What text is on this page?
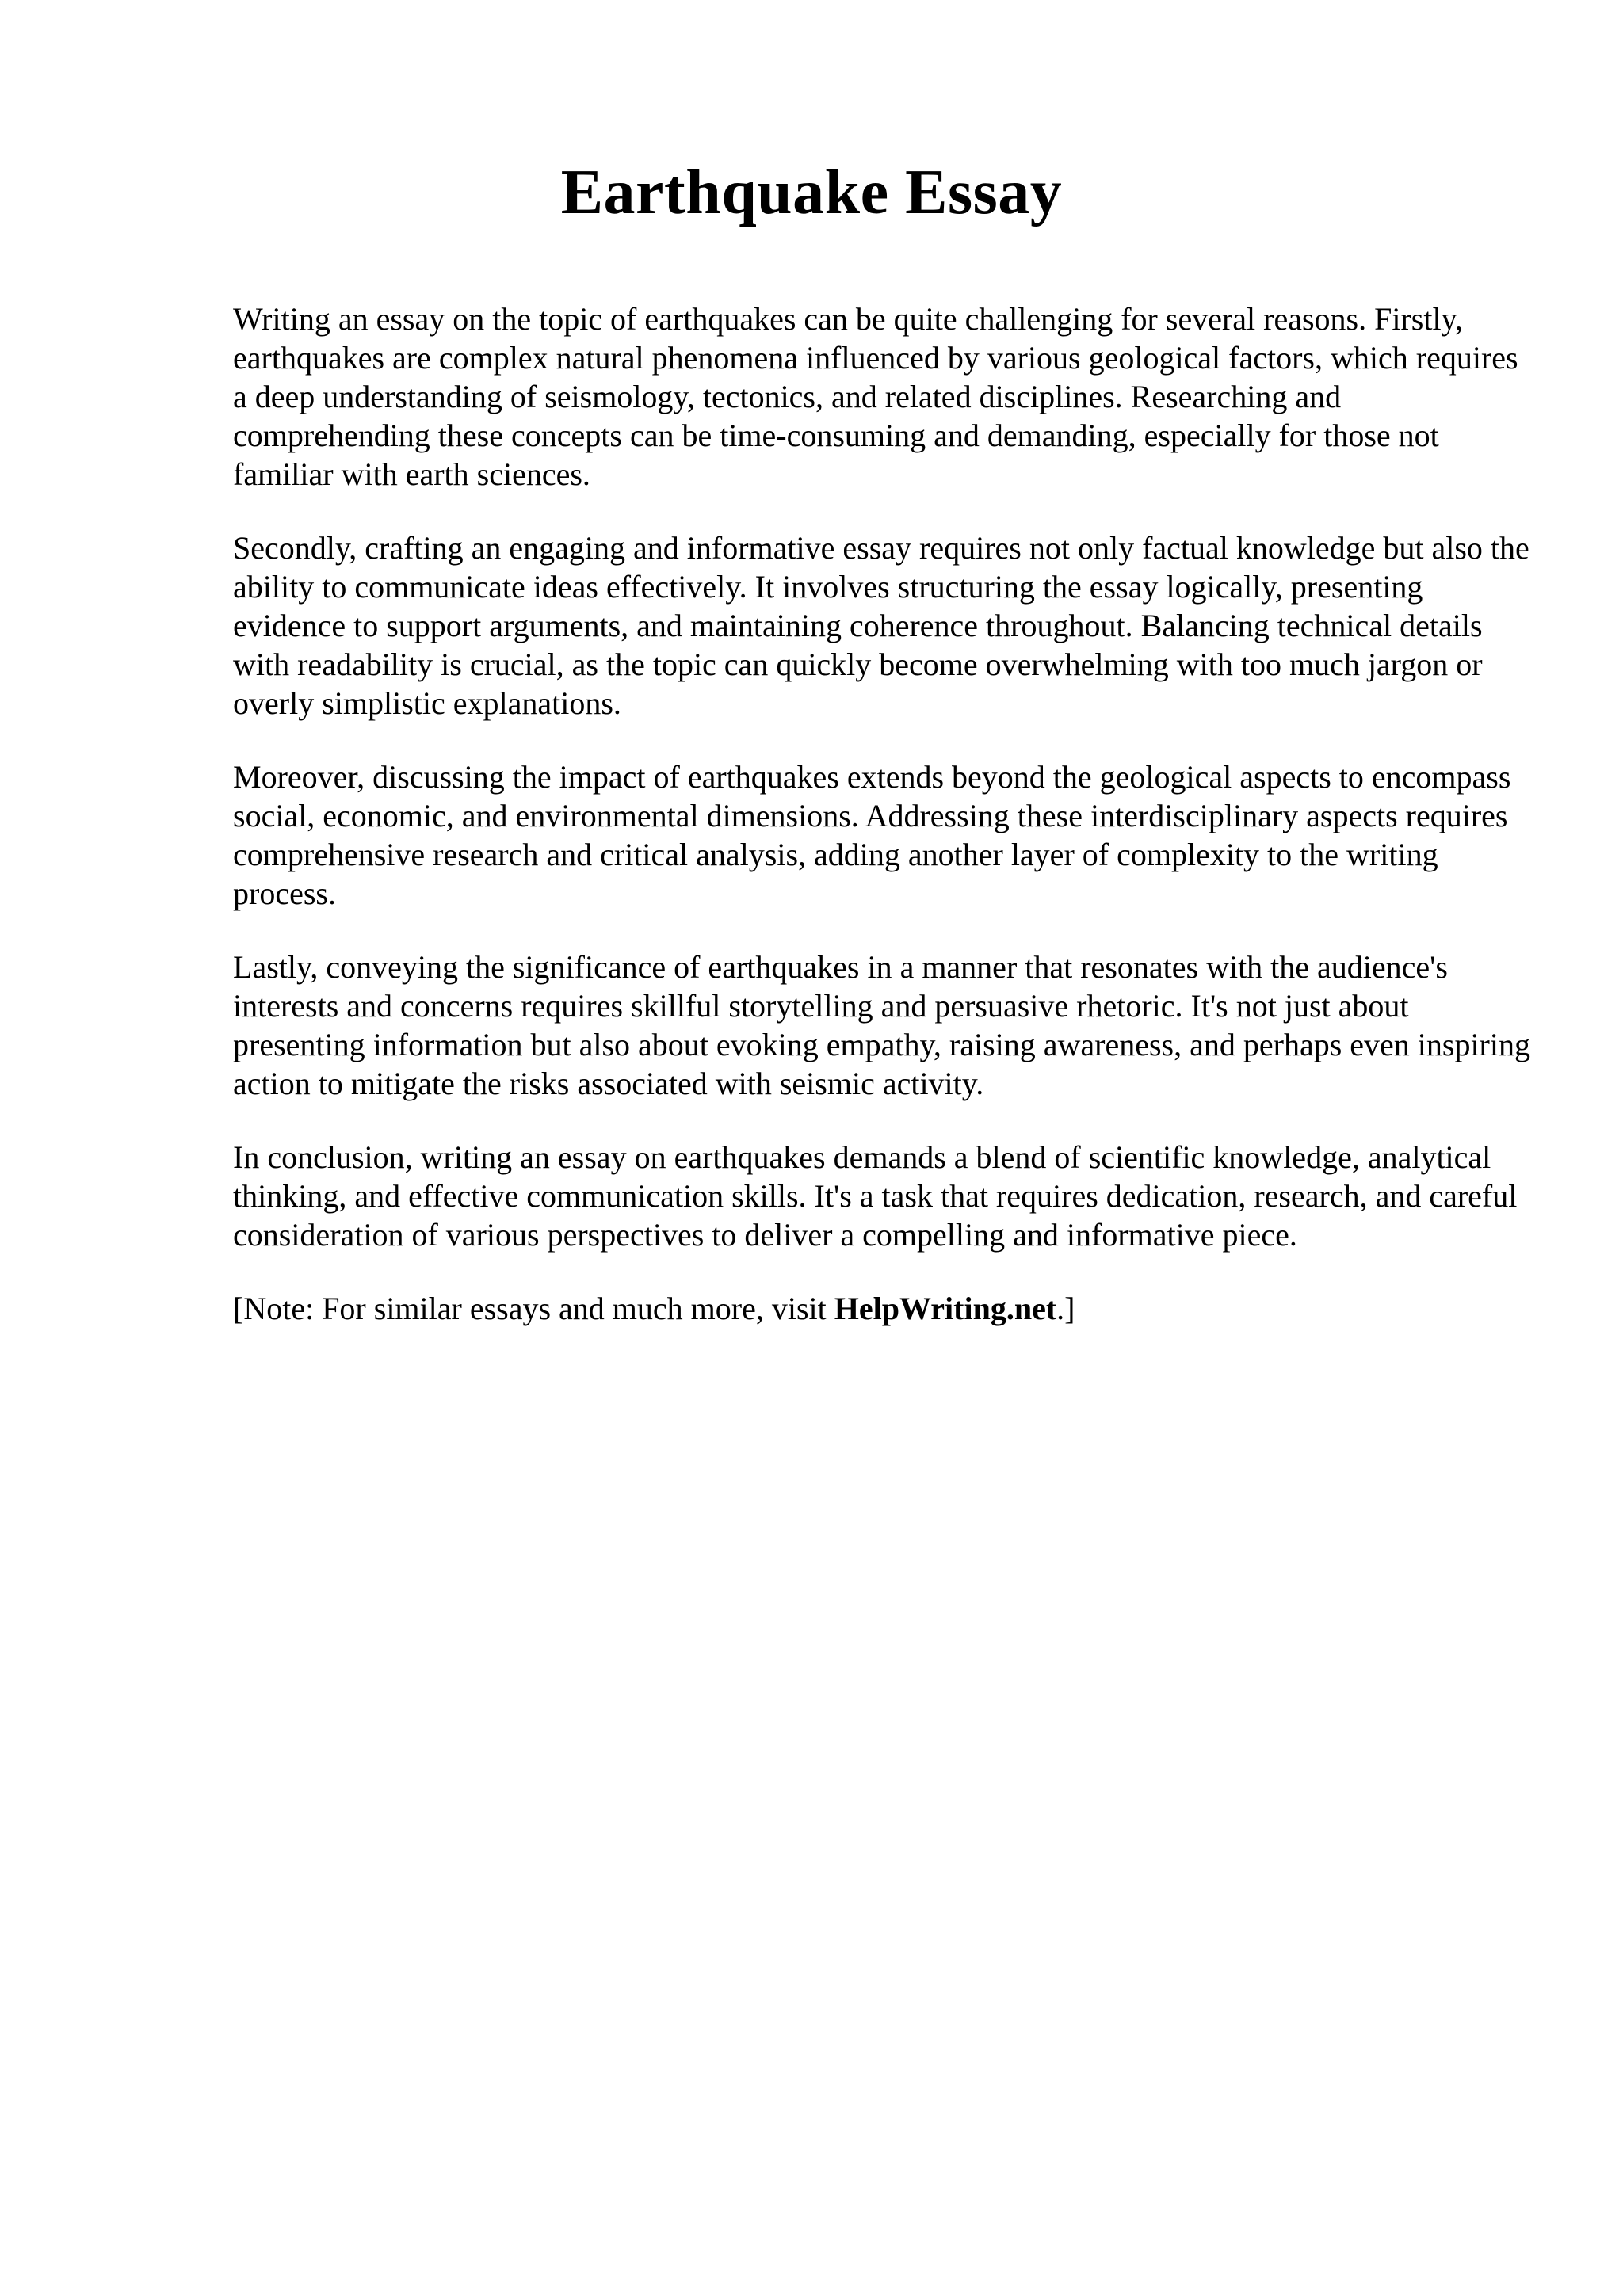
Earthquake Essay

Writing an essay on the topic of earthquakes can be quite challenging for several reasons. Firstly, earthquakes are complex natural phenomena influenced by various geological factors, which requires a deep understanding of seismology, tectonics, and related disciplines. Researching and comprehending these concepts can be time-consuming and demanding, especially for those not familiar with earth sciences.

Secondly, crafting an engaging and informative essay requires not only factual knowledge but also the ability to communicate ideas effectively. It involves structuring the essay logically, presenting evidence to support arguments, and maintaining coherence throughout. Balancing technical details with readability is crucial, as the topic can quickly become overwhelming with too much jargon or overly simplistic explanations.

Moreover, discussing the impact of earthquakes extends beyond the geological aspects to encompass social, economic, and environmental dimensions. Addressing these interdisciplinary aspects requires comprehensive research and critical analysis, adding another layer of complexity to the writing process.

Lastly, conveying the significance of earthquakes in a manner that resonates with the audience's interests and concerns requires skillful storytelling and persuasive rhetoric. It's not just about presenting information but also about evoking empathy, raising awareness, and perhaps even inspiring action to mitigate the risks associated with seismic activity.

In conclusion, writing an essay on earthquakes demands a blend of scientific knowledge, analytical thinking, and effective communication skills. It's a task that requires dedication, research, and careful consideration of various perspectives to deliver a compelling and informative piece.

[Note: For similar essays and much more, visit HelpWriting.net.]
